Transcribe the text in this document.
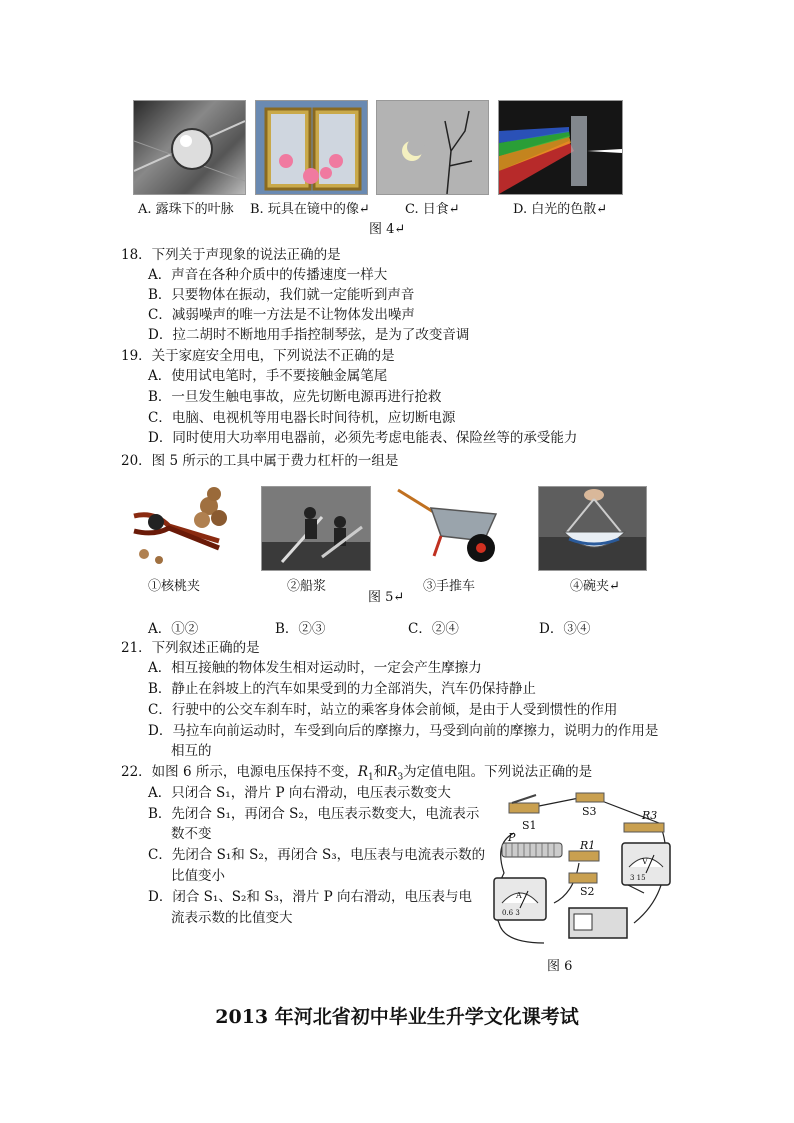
A. 露珠下的叶脉 B. 玩具在镜中的像↵	C. 日食↵	D. 白光的色散↵
图 4↵
18．下列关于声现象的说法正确的是
A．声音在各种介质中的传播速度一样大
B．只要物体在振动，我们就一定能听到声音
C．减弱噪声的唯一方法是不让物体发出噪声
D．拉二胡时不断地用手指控制琴弦，是为了改变音调
19．关于家庭安全用电，下列说法不正确的是
A．使用试电笔时，手不要接触金属笔尾
B．一旦发生触电事故，应先切断电源再进行抢救
C．电脑、电视机等用电器长时间待机，应切断电源
D．同时使用大功率用电器前，必须先考虑电能表、保险丝等的承受能力
20．图 5 所示的工具中属于费力杠杆的一组是
①核桃夹	②船浆	③手推车	④碗夹↵
图 5↵
A．①②	B．②③	C．②④	D．③④
21．下列叙述正确的是
A．相互接触的物体发生相对运动时，一定会产生摩擦力
B．静止在斜坡上的汽车如果受到的力全部消失，汽车仍保持静止
C．行驶中的公交车刹车时，站立的乘客身体会前倾，是由于人受到惯性的作用
D．马拉车向前运动时，车受到向后的摩擦力，马受到向前的摩擦力，说明力的作用是
相互的
22．如图 6 所示，电源电压保持不变，$R_1$和$R_3$为定值电阻。下列说法正确的是
A．只闭合 S₁，滑片 P 向右滑动，电压表示数变大
B．先闭合 S₁，再闭合 S₂，电压表示数变大，电流表示
数不变
C．先闭合 S₁和 S₂，再闭合 S₃，电压表与电流表示数的
比值变小
D．闭合 S₁、S₂和 S₃，滑片 P 向右滑动，电压表与电
流表示数的比值变大
S1
S3	R3
P
R1
S2
A
V
0.6 3
3 15
图 6
2013 年河北省初中毕业生升学文化课考试
